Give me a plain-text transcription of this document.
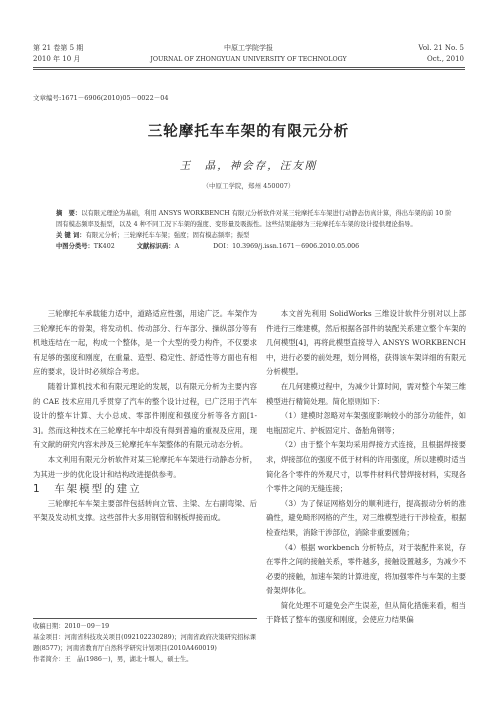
第 21 卷第 5 期
2010 年 10 月
中原工学院学报
JOURNAL OF ZHONGYUAN UNIVERSITY OF TECHNOLOGY
Vol. 21 No. 5
Oct., 2010
文章编号:1671－6906(2010)05－0022－04
三轮摩托车车架的有限元分析
王　晶，神会存，汪友刚
（中原工学院，郑州 450007）
摘　要：以有限元理论为基础，利用 ANSYS WORKBENCH 有限元分析软件对某三轮摩托车车架进行动静态仿真计算，得出车架的前 10 阶固有模态频率及振型，以及 4 种不同工况下车架的强度、变形量及吸振性。这些结果能够为三轮摩托车车架的设计提供理论指导。
关 键 词：有限元分析；三轮摩托车车架；强度；固有模态频率；振型
中图分类号：TK402	文献标识码：A	DOI：10.3969/j.issn.1671－6906.2010.05.006

三轮摩托车承载能力适中，道路适应性强，用途广泛。车架作为三轮摩托车的骨架，将发动机、传动部分、行车部分、操纵部分等有机地连结在一起，构成一个整体，是一个大型的受力构件，不仅要求有足够的强度和刚度，在重量、造型、稳定性、舒适性等方面也有相应的要求，设计时必须综合考虑。

随着计算机技术和有限元理论的发展，以有限元分析为主要内容的 CAE 技术应用几乎贯穿了汽车的整个设计过程，已广泛用于汽车设计的整车计算、大小总成、零部件刚度和强度分析等各方面[1-3]。然而这种技术在三轮摩托车中却没有得到普遍的重视及应用，现有文献的研究内容未涉及三轮摩托车车架整体的有限元动态分析。

本文利用有限元分析软件对某三轮摩托车车架进行动静态分析，为其进一步的优化设计和结构改进提供参考。

1　车架模型的建立

三轮摩托车车架主要部件包括转向立管、主梁、左右副弯梁、后平架及发动机支撑。这些部件大多用钢管和钢板焊接而成。

收稿日期：2010－09－19
基金项目：河南省科技攻关项目(092102230289)；河南省政府决策研究招标课题(8577)；河南省教育厅自然科学研究计划项目(2010A460019)
作者简介：王　晶(1986－)，男，湖北十堰人，硕士生。

本文首先利用 SolidWorks 三维设计软件分别对以上部件进行三维建模，然后根据各部件的装配关系建立整个车架的几何模型[4]，再将此模型直接导入 ANSYS WORKBENCH 中，进行必要的前处理，划分网格，获得该车架详细的有限元分析模型。

在几何建模过程中，为减少计算时间，需对整个车架三维模型进行精简处理。简化原则如下：

（1）建模时忽略对车架强度影响较小的部分功能件，如电瓶固定片、护板固定片、备胎角钢等；

（2）由于整个车架均采用焊接方式连接，且根据焊接要求，焊接部位的强度不低于材料的许用强度，所以建模时适当简化各个零件的外观尺寸，以零件材料代替焊接材料，实现各个零件之间的无缝连接；

（3）为了保证网格划分的顺利进行，提高振动分析的准确性，避免畸形网格的产生，对三维模型进行干涉检查，根据检查结果，消除干涉部位，消除非重要圆角；

（4）根据 workbench 分析特点，对于装配件来说，存在零件之间的接触关系，零件越多，接触设置越多，为减少不必要的接触，加速车架的计算进度，将加强零件与车架的主要骨架焊体化。

简化处理不可避免会产生误差，但从简化措施来看，相当于降低了整车的强度和刚度，会使应力结果偏
